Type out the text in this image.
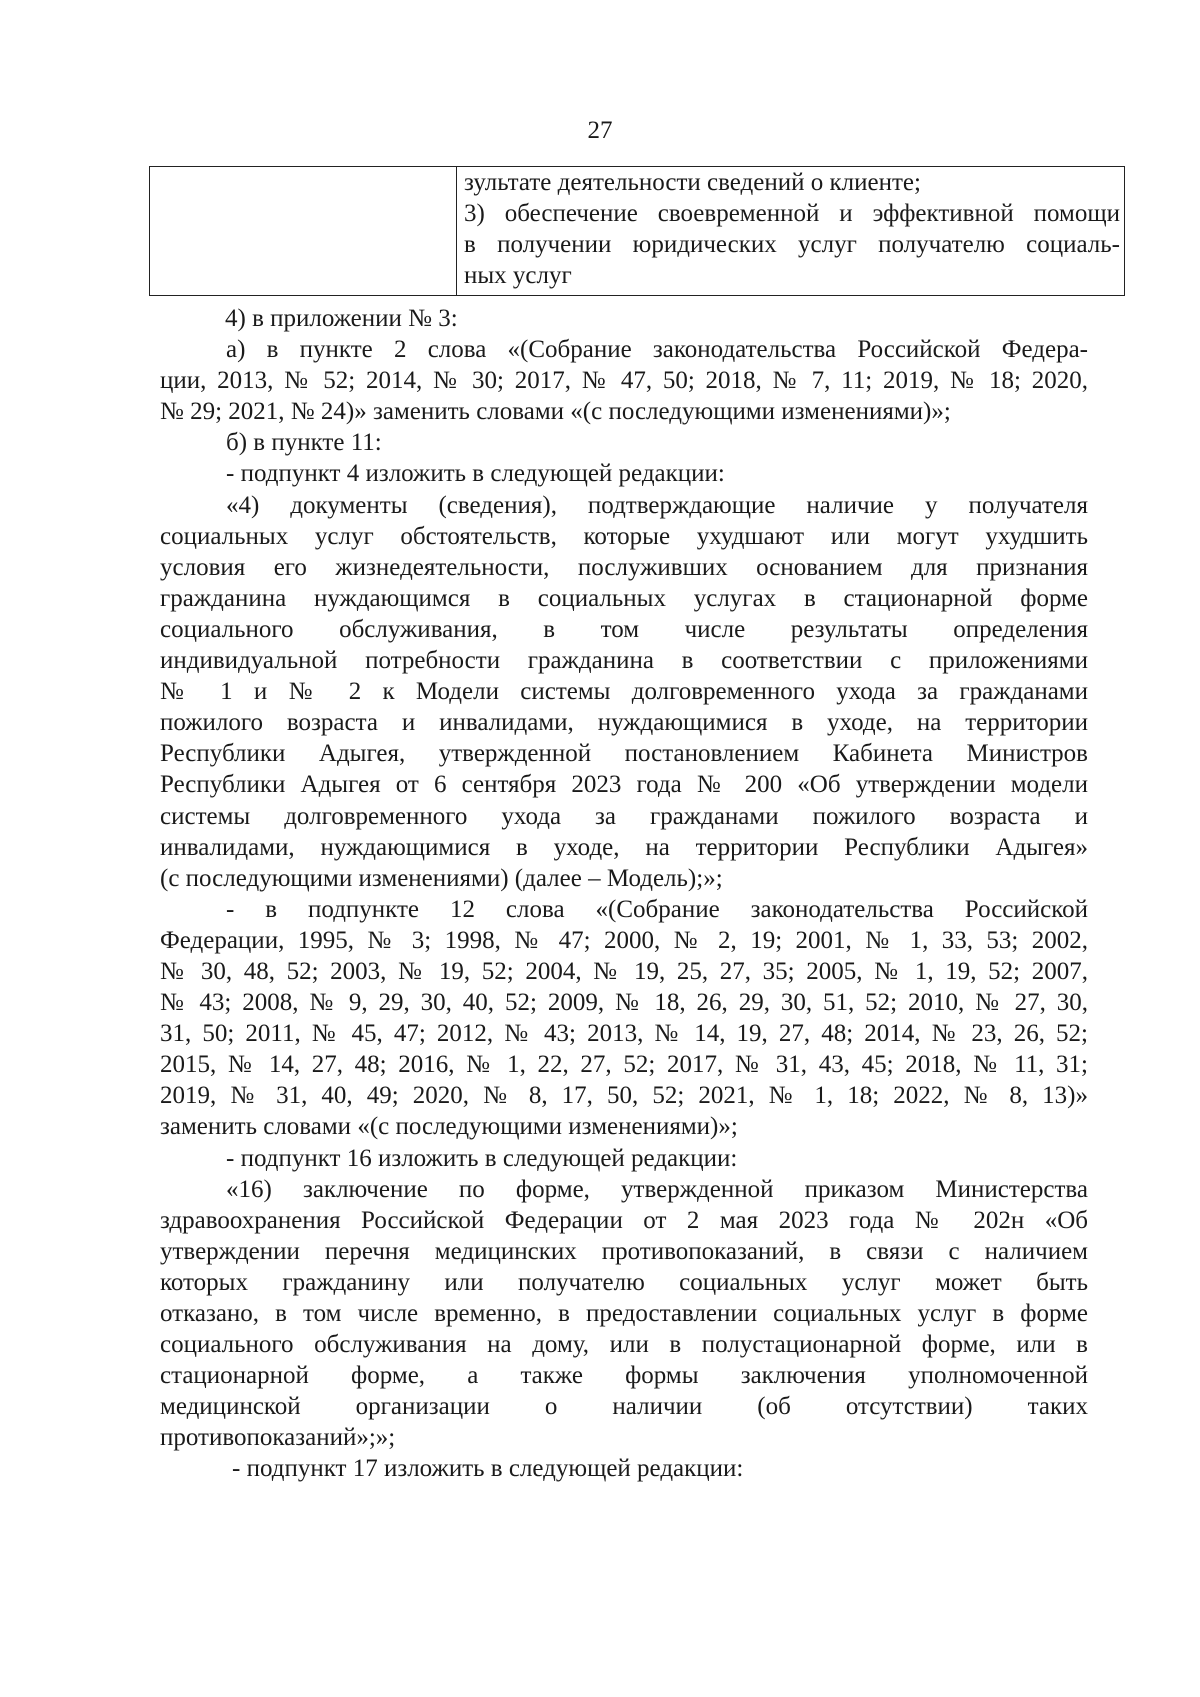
27

зультате деятельности сведений о клиенте;
3) обеспечение своевременной и эффективной помощи
в получении юридических услуг получателю социаль-
ных услуг
4) в приложении № 3:
а) в пункте 2 слова «(Собрание законодательства Российской Федера-
ции, 2013, № 52; 2014, № 30; 2017, № 47, 50; 2018, № 7, 11; 2019, № 18; 2020,
№ 29; 2021, № 24)» заменить словами «(с последующими изменениями)»;
б) в пункте 11:
- подпункт 4 изложить в следующей редакции:
«4) документы (сведения), подтверждающие наличие у получателя
социальных услуг обстоятельств, которые ухудшают или могут ухудшить
условия его жизнедеятельности, послуживших основанием для признания
гражданина нуждающимся в социальных услугах в стационарной форме
социального обслуживания, в том числе результаты определения
индивидуальной потребности гражданина в соответствии с приложениями
№ 1 и № 2 к Модели системы долговременного ухода за гражданами
пожилого возраста и инвалидами, нуждающимися в уходе, на территории
Республики Адыгея, утвержденной постановлением Кабинета Министров
Республики Адыгея от 6 сентября 2023 года № 200 «Об утверждении модели
системы долговременного ухода за гражданами пожилого возраста и
инвалидами, нуждающимися в уходе, на территории Республики Адыгея»
(с последующими изменениями) (далее – Модель);»;
- в подпункте 12 слова «(Собрание законодательства Российской
Федерации, 1995, № 3; 1998, № 47; 2000, № 2, 19; 2001, № 1, 33, 53; 2002,
№ 30, 48, 52; 2003, № 19, 52; 2004, № 19, 25, 27, 35; 2005, № 1, 19, 52; 2007,
№ 43; 2008, № 9, 29, 30, 40, 52; 2009, № 18, 26, 29, 30, 51, 52; 2010, № 27, 30,
31, 50; 2011, № 45, 47; 2012, № 43; 2013, № 14, 19, 27, 48; 2014, № 23, 26, 52;
2015, № 14, 27, 48; 2016, № 1, 22, 27, 52; 2017, № 31, 43, 45; 2018, № 11, 31;
2019, № 31, 40, 49; 2020, № 8, 17, 50, 52; 2021, № 1, 18; 2022, № 8, 13)»
заменить словами «(с последующими изменениями)»;
- подпункт 16 изложить в следующей редакции:
«16) заключение по форме, утвержденной приказом Министерства
здравоохранения Российской Федерации от 2 мая 2023 года № 202н «Об
утверждении перечня медицинских противопоказаний, в связи с наличием
которых гражданину или получателю социальных услуг может быть
отказано, в том числе временно, в предоставлении социальных услуг в форме
социального обслуживания на дому, или в полустационарной форме, или в
стационарной форме, а также формы заключения уполномоченной
медицинской организации о наличии (об отсутствии) таких
противопоказаний»;»;
- подпункт 17 изложить в следующей редакции:
